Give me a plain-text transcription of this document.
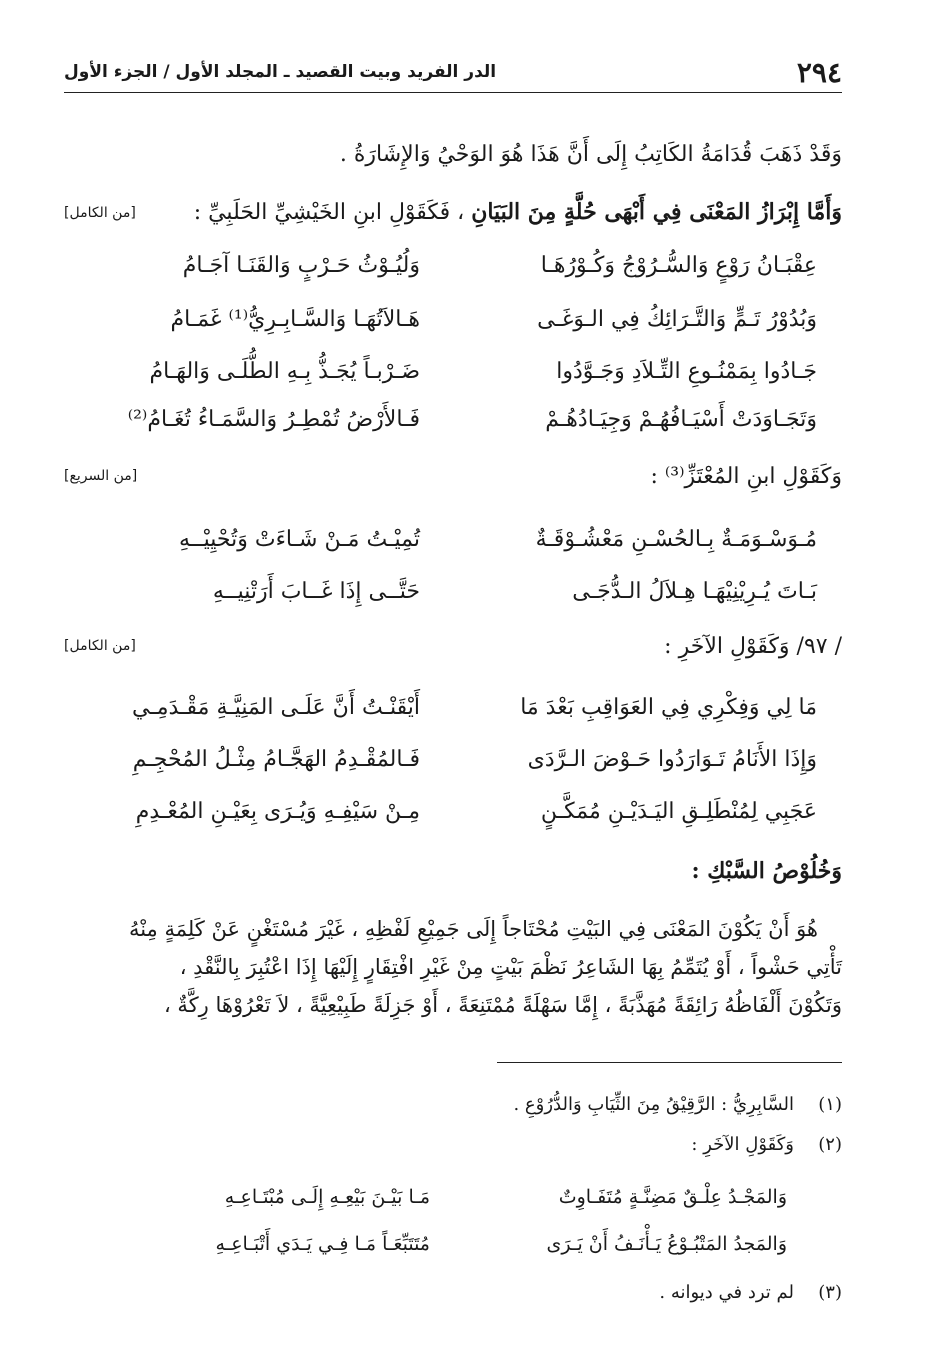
٢٩٤
الدر الفريد وبيت القصيد ـ المجلد الأول / الجزء الأول
وَقَدْ ذَهَبَ قُدَامَةُ الكَاتِبُ إِلَى أَنَّ هَذَا هُوَ الوَحْيُ وَالإِشَارَةُ .
وَأَمَّا إِبْرَازُ المَعْنَى فِي أَبْهَى حُلَّةٍ مِنَ البَيَانِ ، فَكَقَوْلِ ابنِ الخَيْشِيِّ الحَلَبِيِّ :
[من الكامل]
عِقْبَـانُ رَوْعٍ وَالسُّـرُوْجُ وَكُـوْرُهَـا
وَلُيُـوْثُ حَـرْبٍ وَالقَنَـا آجَـامُ
وَبُدُوْرُ تَـمٍّ وَالتَّـرَائِكُ فِي الـوَغَـى
هَـالاَتُهَـا وَالسَّـابِـرِيُّ⁽¹⁾ غَمَـامُ
جَـادُوا بِمَمْنُـوعِ التِّـلاَدِ وَجَـوَّدُوا
ضَـرْبـاً يُجَـذُّ بِـهِ الطُّلَـى وَالهَـامُ
وَتَجَـاوَدَتْ أَسْيَـافُهُـمْ وَجِيَـادُهُـمْ
فَـالأَرْضُ تُمْطِـرُ وَالسَّمَـاءُ تُغَـامُ⁽²⁾
وَكَقَوْلِ ابنِ المُعْتَزِّ⁽³⁾ :
[من السريع]
مُـوَسْـوَمَـةٌ بِـالحُسْـنِ مَعْشُـوْقَـةٌ
تُمِيْـتُ مَـنْ شَـاءَتْ وَتُحْيِيْــهِ
بَـاتَ يُـرِيْنِيْهَـا هِـلاَلُ الـدُّجَـى
حَتَّــى إِذَا غَــابَ أَرَتْنِيــهِ
/ ٩٧/ وَكَقَوْلِ الآخَرِ :
[من الكامل]
مَا لِي وَفِكْرِي فِي العَوَاقِبِ بَعْدَ مَا
أَيْقَنْـتُ أَنَّ عَلَـى المَنِيَّـةِ مَقْـدَمِـي
وَإِذَا الأَنَامُ تَـوَارَدُوا حَـوْضَ الـرَّدَى
فَـالمُقْـدِمُ الهَجَّـامُ مِثْـلُ المُحْجِـمِ
عَجَبِي لِمُنْطَلِـقِ اليَـدَيْـنِ مُمَكَّـنٍ
مِـنْ سَيْفِـهِ وَيُـرَى بِعَيْـنِ المُعْـدِمِ
وَخُلُوْصُ السَّبْكِ :
هُوَ أَنْ يَكُوْنَ المَعْنَى فِي البَيْتِ مُحْتَاجاً إِلَى جَمِيْعِ لَفْظِهِ ، غَيْرَ مُسْتَغْنٍ عَنْ كَلِمَةٍ مِنْهُ
تَأْتِي حَشْواً ، أَوْ يُتَمِّمُ بِهَا الشَاعِرُ نَظْمَ بَيْتٍ مِنْ غَيْرِ افْتِقَارٍ إِلَيْهَا إِذَا اعْتُبِرَ بِالنَّقْدِ ،
وَتَكُوْنَ أَلْفَاظُهُ رَائِقَةً مُهَذَّبَةً ، إِمَّا سَهْلَةً مُمْتَنِعَةً ، أَوْ جَزِلَةً طَبِيْعِيَّةً ، لاَ تَعْرُوْهَا رِكَّةٌ ،
(١)السَّابِرِيُّ : الرَّقِيْقُ مِنَ الثِّيَابِ وَالدُّرُوْعِ .
(٢)وَكَقَوْلِ الآخَرِ :
وَالمَجْـدُ عِلْـقٌ مَضِنَّـةٍ مُتَفَـاوِتٌ
مَـا بَيْـنَ بَيْعِـهِ إِلَـى مُبْتَـاعِـهِ
وَالمَجدُ المَتْبُـوْعُ يَـأْنَـفُ أَنْ يَـرَى
مُتَتَبِّعَـاً مَـا فِـي يَـدَي أَتْبَـاعِـهِ
(٣)لم ترد في ديوانه .
